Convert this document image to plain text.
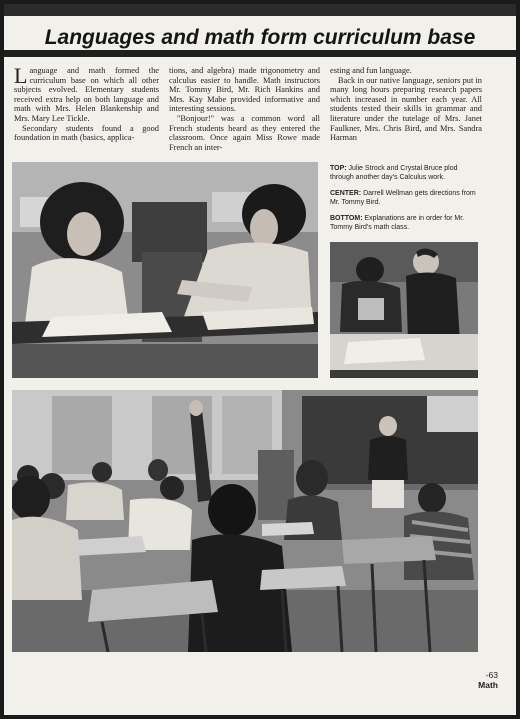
Languages and math form curriculum base

Language and math formed the curriculum base on which all other subjects evolved. Elementary students received extra help on both language and math with Mrs. Helen Blankenship and Mrs. Mary Lee Tickle.

Secondary students found a good foundation in math (basics, applica-

tions, and algebra) made trigonometry and calculus easier to handle. Math instructors Mr. Tommy Bird, Mr. Rich Hankins and Mrs. Kay Mabe provided informative and interesting sessions.

"Bonjour!" was a common word all French students heard as they entered the classroom. Once again Miss Rowe made French an inter-

esting and fun language.

Back in our native language, seniors put in many long hours preparing research papers which increased in number each year. All students tested their skills in grammar and literature under the tutelage of Mrs. Janet Faulkner, Mrs. Chris Bird, and Mrs. Sandra Harman

TOP: Julie Strock and Crystal Bruce plod through another day's Calculus work.

CENTER: Darrell Wellman gets directions from Mr. Tommy Bird.

BOTTOM: Explanations are in order for Mr. Tommy Bird's math class.

-63
Math
